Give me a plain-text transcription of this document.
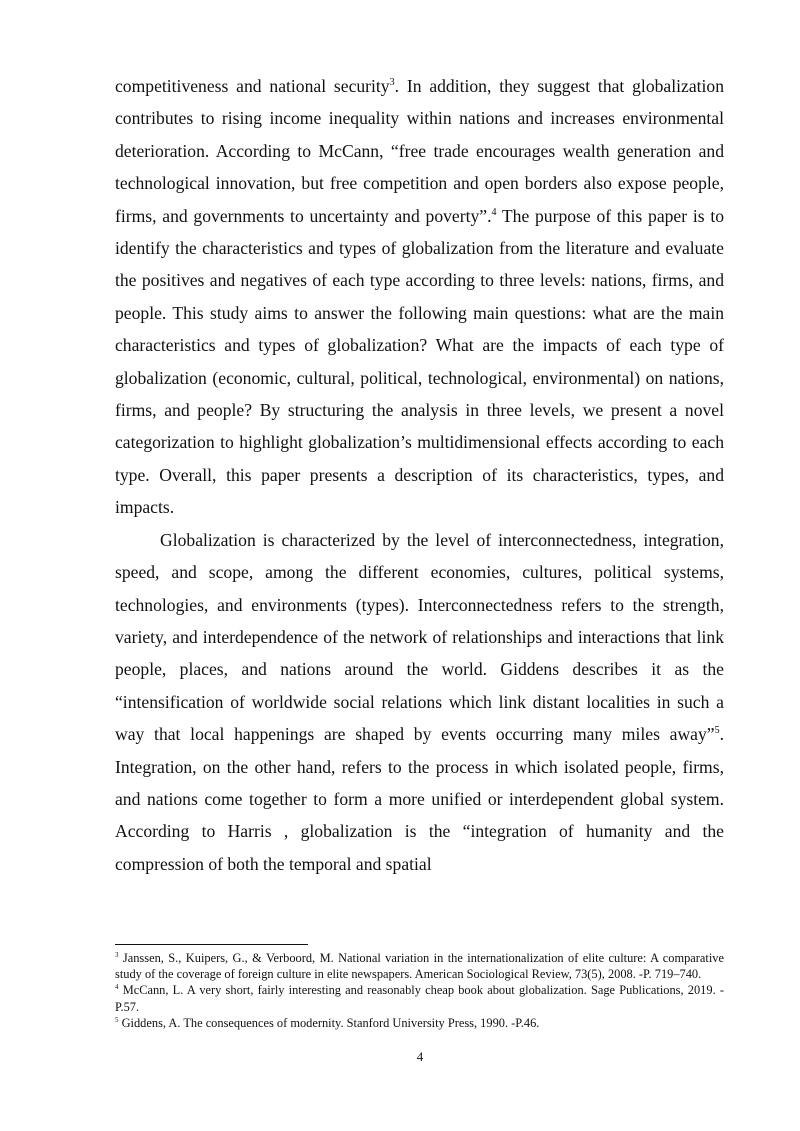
competitiveness and national security$^3$. In addition, they suggest that globalization contributes to rising income inequality within nations and increases environmental deterioration. According to McCann, “free trade encourages wealth generation and technological innovation, but free competition and open borders also expose people, firms, and governments to uncertainty and poverty”.$^4$ The purpose of this paper is to identify the characteristics and types of globalization from the literature and evaluate the positives and negatives of each type according to three levels: nations, firms, and people. This study aims to answer the following main questions: what are the main characteristics and types of globalization? What are the impacts of each type of globalization (economic, cultural, political, technological, environmental) on nations, firms, and people? By structuring the analysis in three levels, we present a novel categorization to highlight globalization’s multidimensional effects according to each type. Overall, this paper presents a description of its characteristics, types, and impacts.

Globalization is characterized by the level of interconnectedness, integration, speed, and scope, among the different economies, cultures, political systems, technologies, and environments (types). Interconnectedness refers to the strength, variety, and interdependence of the network of relationships and interactions that link people, places, and nations around the world. Giddens describes it as the “intensification of worldwide social relations which link distant localities in such a way that local happenings are shaped by events occurring many miles away”$^5$. Integration, on the other hand, refers to the process in which isolated people, firms, and nations come together to form a more unified or interdependent global system. According to Harris , globalization is the “integration of humanity and the compression of both the temporal and spatial

$^3$ Janssen, S., Kuipers, G., & Verboord, M. National variation in the internationalization of elite culture: A comparative study of the coverage of foreign culture in elite newspapers. American Sociological Review, 73(5), 2008. -P. 719–740.

$^4$ McCann, L. A very short, fairly interesting and reasonably cheap book about globalization. Sage Publications, 2019. -P.57.

$^5$ Giddens, A. The consequences of modernity. Stanford University Press, 1990. -P.46.

4
